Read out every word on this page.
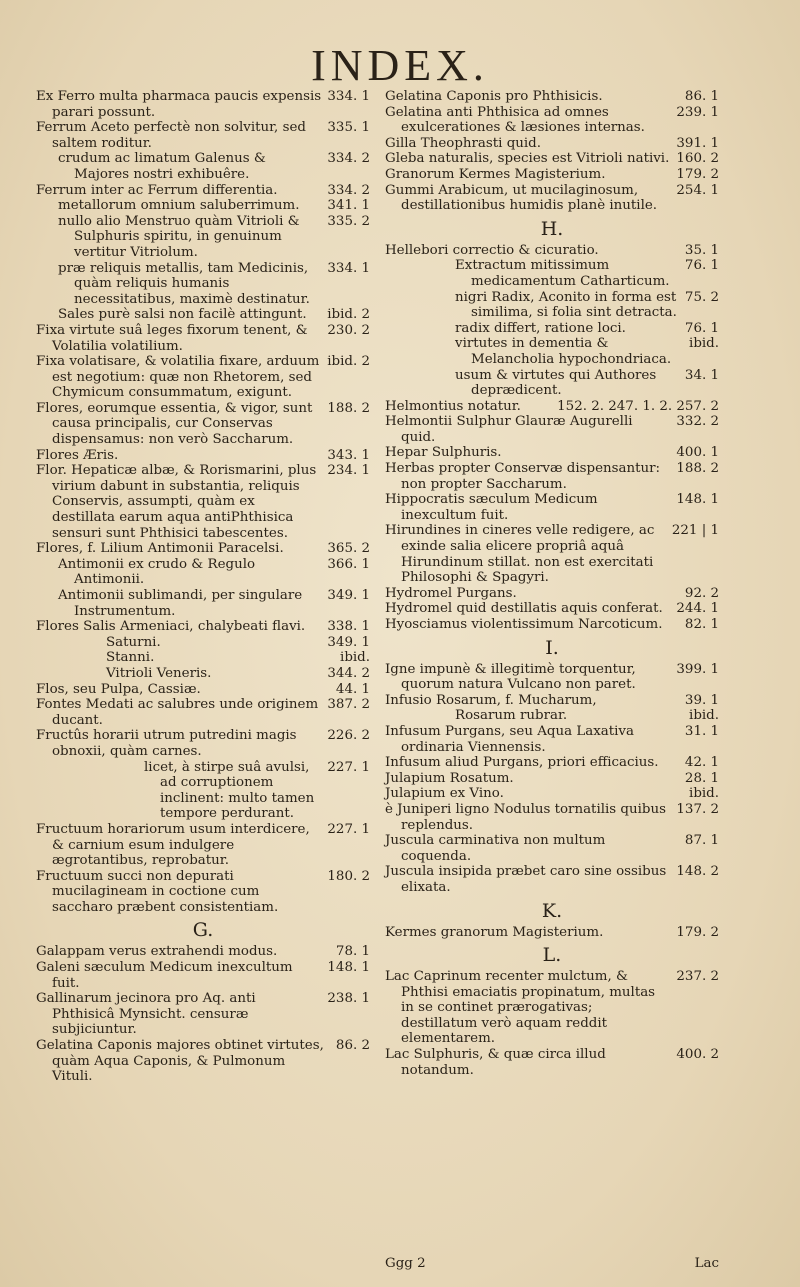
INDEX.
Ex Ferro multa pharmaca paucis expensis parari possunt.
334. 1
Ferrum Aceto perfectè non solvitur, sed saltem roditur.
335. 1
crudum ac limatum Galenus & Majores nostri exhibuêre.
334. 2
Ferrum inter ac Ferrum differentia.	334. 2
metallorum omnium saluberrimum.	341. 1
nullo alio Menstruo quàm Vitrioli & Sulphuris spiritu, in genuinum vertitur Vitriolum.
335. 2
præ reliquis metallis, tam Medicinis, quàm reliquis humanis necessitatibus, maximè destinatur.
334. 1
Sales purè salsi non facilè attingunt.	ibid. 2
Fixa virtute suâ leges fixorum tenent, & Volatilia volatilium.
230. 2
Fixa volatisare, & volatilia fixare, arduum est negotium: quæ non Rhetorem, sed Chymicum consummatum, exigunt.
ibid. 2
Flores, eorumque essentia, & vigor, sunt causa principalis, cur Conservas dispensamus: non verò Saccharum.
188. 2
Flores Æris.	343. 1
Flor. Hepaticæ albæ, & Rorismarini, plus virium dabunt in substantia, reliquis Conservis, assumpti, quàm ex destillata earum aqua antiPhthisica sensuri sunt Phthisici tabescentes.
234. 1
Flores, f. Lilium Antimonii Paracelsi.	365. 2
Antimonii ex crudo & Regulo Antimonii.
366. 1
Antimonii sublimandi, per singulare Instrumentum.
349. 1
Flores Salis Armeniaci, chalybeati flavi.	338. 1
Saturni.	349. 1
Stanni.	ibid.
Vitrioli Veneris.	344. 2
Flos, seu Pulpa, Cassiæ.	44. 1
Fontes Medati ac salubres unde originem ducant.
387. 2
Fructûs horarii utrum putredini magis obnoxii, quàm carnes.
226. 2
licet, à stirpe suâ avulsi, ad corruptionem inclinent: multo tamen tempore perdurant.
227. 1
Fructuum horariorum usum interdicere, & carnium esum indulgere ægrotantibus, reprobatur.
227. 1
Fructuum succi non depurati mucilagineam in coctione cum saccharo præbent consistentiam.
180. 2
G.
Galappam verus extrahendi modus.	78. 1
Galeni sæculum Medicum inexcultum fuit.
148. 1
Gallinarum jecinora pro Aq. anti Phthisicâ Mynsicht. censuræ subjiciuntur.
238. 1
Gelatina Caponis majores obtinet virtutes, quàm Aqua Caponis, & Pulmonum Vituli.
86. 2
Gelatina Caponis pro Phthisicis.	86. 1
Gelatina anti Phthisica ad omnes exulcerationes & læsiones internas.
239. 1
Gilla Theophrasti quid.	391. 1
Gleba naturalis, species est Vitrioli nativi. 160. 2
Granorum Kermes Magisterium.	179. 2
Gummi Arabicum, ut mucilaginosum, destillationibus humidis planè inutile.
254. 1
H.
Hellebori correctio & cicuratio.	35. 1
Extractum mitissimum medicamentum Catharticum.
76. 1
nigri Radix, Aconito in forma est similima, si folia sint detracta.
75. 2
radix differt, ratione loci.	76. 1
virtutes in dementia & Melancholia hypochondriaca.
ibid.
usum & virtutes qui Authores deprædicent.
34. 1
Helmontius notatur.	152. 2. 247. 1. 2. 257. 2
Helmontii Sulphur Glauræ Augurelli quid.
332. 2
Hepar Sulphuris.	400. 1
Herbas propter Conservæ dispensantur: non propter Saccharum.
188. 2
Hippocratis sæculum Medicum inexcultum fuit.
148. 1
Hirundines in cineres velle redigere, ac exinde salia elicere propriâ aquâ Hirundinum stillat. non est exercitati Philosophi & Spagyri.
221 | 1
Hydromel Purgans.	92. 2
Hydromel quid destillatis aquis conferat.	244. 1
Hyosciamus violentissimum Narcoticum.	82. 1
I.
Igne impunè & illegitimè torquentur, quorum natura Vulcano non paret.
399. 1
Infusio Rosarum, f. Mucharum,	39. 1
Rosarum rubrar.	ibid.
Infusum Purgans, seu Aqua Laxativa ordinaria Viennensis.
31. 1
Infusum aliud Purgans, priori efficacius.	42. 1
Julapium Rosatum.	28. 1
Julapium ex Vino.	ibid.
è Juniperi ligno Nodulus tornatilis quibus replendus.
137. 2
Juscula carminativa non multum coquenda.
87. 1
Juscula insipida præbet caro sine ossibus elixata.
148. 2
K.
Kermes granorum Magisterium.	179. 2
L.
Lac Caprinum recenter mulctum, & Phthisi emaciatis propinatum, multas in se continet prærogativas; destillatum verò aquam reddit elementarem.
237. 2
Lac Sulphuris, & quæ circa illud notandum.
400. 2
Ggg 2	Lac
